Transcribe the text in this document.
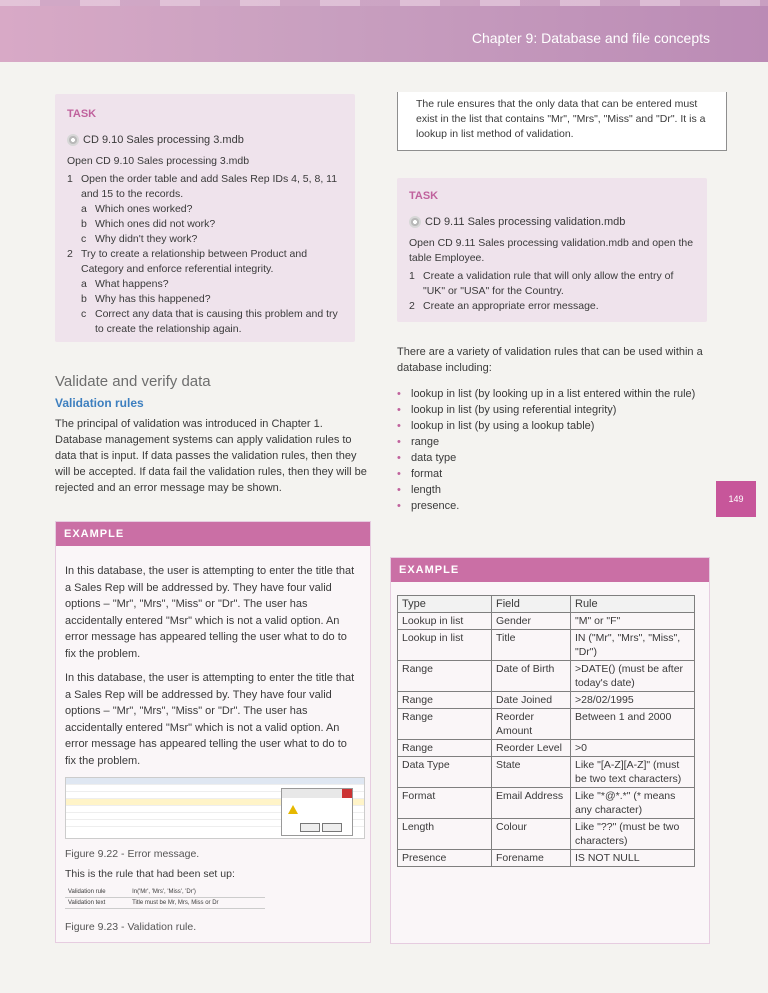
Chapter 9: Database and file concepts
149
TASK
CD 9.10 Sales processing 3.mdb

Open CD 9.10 Sales processing 3.mdb

1 Open the order table and add Sales Rep IDs 4, 5, 8, 11 and 15 to the records.
a Which ones worked?
b Which ones did not work?
c Why didn't they work?
2 Try to create a relationship between Product and Category and enforce referential integrity.
a What happens?
b Why has this happened?
c Correct any data that is causing this problem and try to create the relationship again.
Validate and verify data
Validation rules

The principal of validation was introduced in Chapter 1. Database management systems can apply validation rules to data that is input. If data passes the validation rules, then they will be accepted. If data fail the validation rules, then they will be rejected and an error message may be shown.

EXAMPLE

In this database, the user is attempting to enter the title that a Sales Rep will be addressed by. They have four valid options – "Mr", "Mrs", "Miss" or "Dr". The user has accidentally entered "Msr" which is not a valid option. An error message has appeared telling the user what to do to fix the problem.

In this database, the user is attempting to enter the title that a Sales Rep will be addressed by. They have four valid options – "Mr", "Mrs", "Miss" or "Dr". The user has accidentally entered "Msr" which is not a valid option. An error message has appeared telling the user what to do to fix the problem.

Figure 9.22 - Error message.
This is the rule that had been set up:
Validation rule	In('Mr', 'Mrs', 'Miss', 'Dr')
Validation text	Title must be Mr, Mrs, Miss or Dr
Figure 9.23 - Validation rule.
The rule ensures that the only data that can be entered must exist in the list that contains "Mr", "Mrs", "Miss" and "Dr". It is a lookup in list method of validation.
TASK
CD 9.11 Sales processing validation.mdb

Open CD 9.11 Sales processing validation.mdb and open the table Employee.

1 Create a validation rule that will only allow the entry of "UK" or "USA" for the Country.
2 Create an appropriate error message.

There are a variety of validation rules that can be used within a database including:

• lookup in list (by looking up in a list entered within the rule)
• lookup in list (by using referential integrity)
• lookup in list (by using a lookup table)
• range
• data type
• format
• length
• presence.
EXAMPLE
Type	Field	Rule
Lookup in list	Gender	"M" or "F"
Lookup in list	Title	IN ("Mr", "Mrs", "Miss", "Dr")
Range	Date of Birth	>DATE() (must be after today's date)
Range	Date Joined	>28/02/1995
Range	Reorder Amount	Between 1 and 2000
Range	Reorder Level	>0
Data Type	State	Like "[A-Z][A-Z]" (must be two text characters)
Format	Email Address	Like "*@*.*" (* means any character)
Length	Colour	Like "??" (must be two characters)
Presence	Forename	IS NOT NULL
